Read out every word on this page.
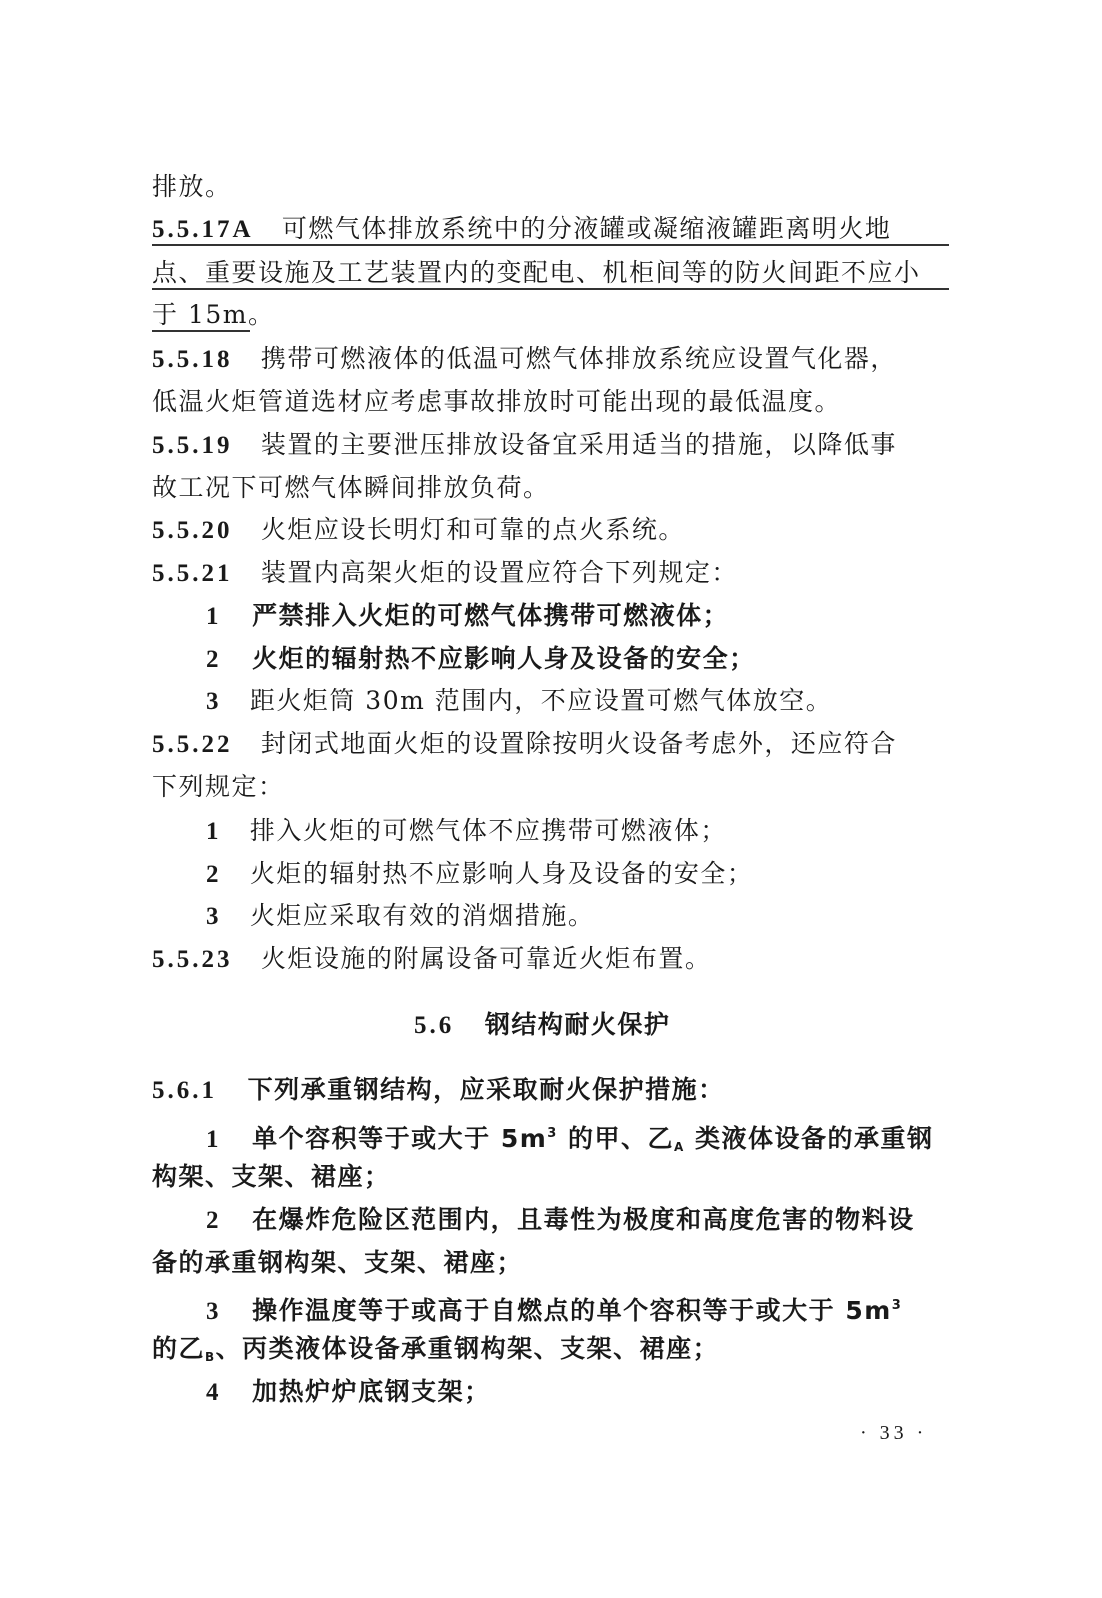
排放。
5.5.17A 可燃气体排放系统中的分液罐或凝缩液罐距离明火地
点、重要设施及工艺装置内的变配电、机柜间等的防火间距不应小
于 15m。
5.5.18 携带可燃液体的低温可燃气体排放系统应设置气化器，
低温火炬管道选材应考虑事故排放时可能出现的最低温度。
5.5.19 装置的主要泄压排放设备宜采用适当的措施，以降低事
故工况下可燃气体瞬间排放负荷。
5.5.20 火炬应设长明灯和可靠的点火系统。
5.5.21 装置内高架火炬的设置应符合下列规定：
1 严禁排入火炬的可燃气体携带可燃液体；
2 火炬的辐射热不应影响人身及设备的安全；
3 距火炬筒 30m 范围内，不应设置可燃气体放空。
5.5.22 封闭式地面火炬的设置除按明火设备考虑外，还应符合
下列规定：
1 排入火炬的可燃气体不应携带可燃液体；
2 火炬的辐射热不应影响人身及设备的安全；
3 火炬应采取有效的消烟措施。
5.5.23 火炬设施的附属设备可靠近火炬布置。
5.6 钢结构耐火保护
5.6.1 下列承重钢结构，应采取耐火保护措施：
1 单个容积等于或大于 $5m^3$ 的甲、乙$_A$ 类液体设备的承重钢
构架、支架、裙座；
2 在爆炸危险区范围内，且毒性为极度和高度危害的物料设
备的承重钢构架、支架、裙座；
3 操作温度等于或高于自燃点的单个容积等于或大于 $5m^3$
的乙$_B$、丙类液体设备承重钢构架、支架、裙座；
4 加热炉炉底钢支架；
· 33 ·
